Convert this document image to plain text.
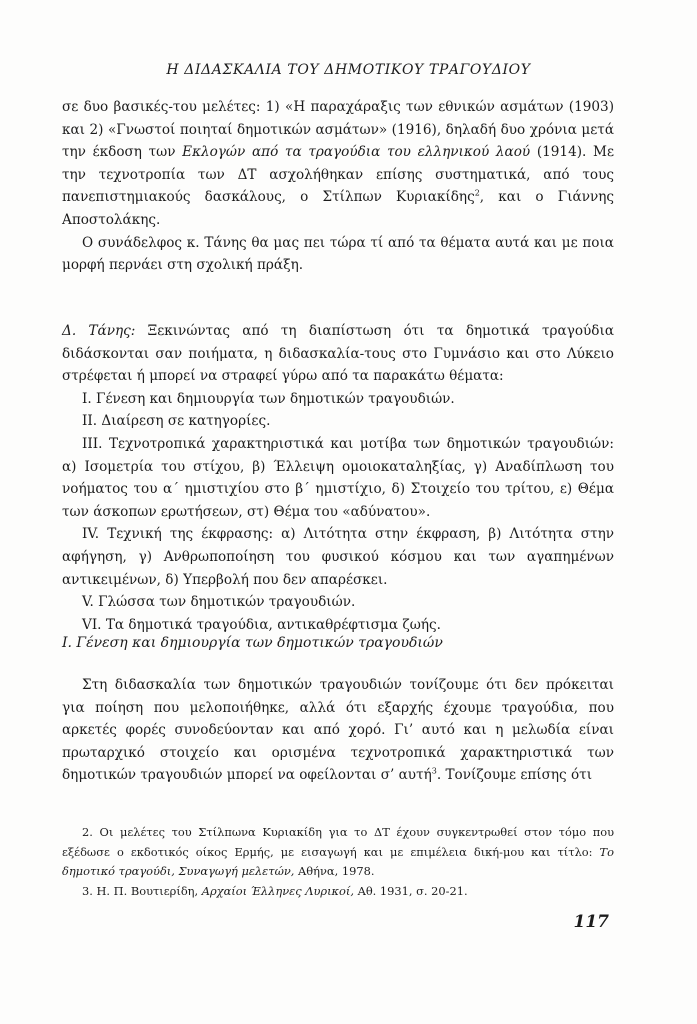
Η ΔΙΔΑΣΚΑΛΙΑ ΤΟΥ ΔΗΜΟΤΙΚΟΥ ΤΡΑΓΟΥΔΙΟΥ

σε δυο βασικές-του μελέτες: 1) «Η παραχάραξις των εθνικών ασμάτων (1903) και 2) «Γνωστοί ποιηταί δημοτικών ασμάτων» (1916), δηλαδή δυο χρόνια μετά την έκδοση των Εκλογών από τα τραγούδια του ελληνικού λαού (1914). Με την τεχνοτροπία των ΔΤ ασχολήθηκαν επίσης συστηματικά, από τους πανεπιστημιακούς δασκάλους, ο Στίλπων Κυριακίδης$^2$, και ο Γιάννης Αποστολάκης.

Ο συνάδελφος κ. Τάνης θα μας πει τώρα τί από τα θέματα αυτά και με ποια μορφή περνάει στη σχολική πράξη.

Δ. Τάνης: Ξεκινώντας από τη διαπίστωση ότι τα δημοτικά τραγούδια διδάσκονται σαν ποιήματα, η διδασκαλία-τους στο Γυμνάσιο και στο Λύκειο στρέφεται ή μπορεί να στραφεί γύρω από τα παρακάτω θέματα:

I. Γένεση και δημιουργία των δημοτικών τραγουδιών.

II. Διαίρεση σε κατηγορίες.

III. Τεχνοτροπικά χαρακτηριστικά και μοτίβα των δημοτικών τραγουδιών: α) Ισομετρία του στίχου, β) Έλλειψη ομοιοκαταληξίας, γ) Αναδίπλωση του νοήματος του α΄ ημιστιχίου στο β΄ ημιστίχιο, δ) Στοιχείο του τρίτου, ε) Θέμα των άσκοπων ερωτήσεων, στ) Θέμα του «αδύνατου».

IV. Τεχνική της έκφρασης: α) Λιτότητα στην έκφραση, β) Λιτότητα στην αφήγηση, γ) Ανθρωποποίηση του φυσικού κόσμου και των αγαπημένων αντικειμένων, δ) Υπερβολή που δεν απαρέσκει.

V. Γλώσσα των δημοτικών τραγουδιών.

VI. Τα δημοτικά τραγούδια, αντικαθρέφτισμα ζωής.

I. Γένεση και δημιουργία των δημοτικών τραγουδιών

Στη διδασκαλία των δημοτικών τραγουδιών τονίζουμε ότι δεν πρόκειται για ποίηση που μελοποιήθηκε, αλλά ότι εξαρχής έχουμε τραγούδια, που αρκετές φορές συνοδεύονταν και από χορό. Γι’ αυτό και η μελωδία είναι πρωταρχικό στοιχείο και ορισμένα τεχνοτροπικά χαρακτηριστικά των δημοτικών τραγουδιών μπορεί να οφείλονται σ’ αυτή$^3$. Τονίζουμε επίσης ότι

2. Οι μελέτες του Στίλπωνα Κυριακίδη για το ΔΤ έχουν συγκεντρωθεί στον τόμο που εξέδωσε ο εκδοτικός οίκος Ερμής, με εισαγωγή και με επιμέλεια δική-μου και τίτλο: Το δημοτικό τραγούδι, Συναγωγή μελετών, Αθήνα, 1978.

3. Η. Π. Βουτιερίδη, Αρχαίοι Έλληνες Λυρικοί, Αθ. 1931, σ. 20-21.

117
